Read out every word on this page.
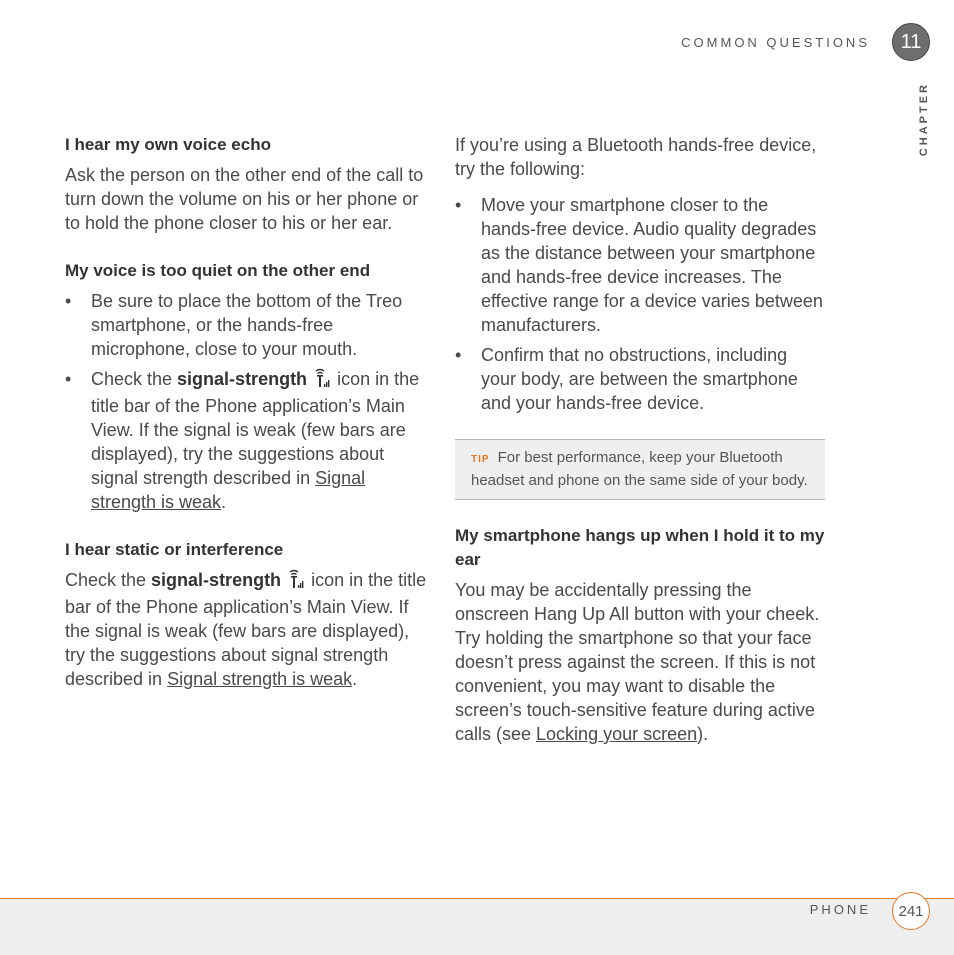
COMMON QUESTIONS	11
CHAPTER
I hear my own voice echo

Ask the person on the other end of the call to turn down the volume on his or her phone or to hold the phone closer to his or her ear.

My voice is too quiet on the other end
• Be sure to place the bottom of the Treo smartphone, or the hands-free microphone, close to your mouth.
• Check the signal-strength  icon in the title bar of the Phone application’s Main View. If the signal is weak (few bars are displayed), try the suggestions about signal strength described in Signal strength is weak.
I hear static or interference

Check the signal-strength  icon in the title bar of the Phone application’s Main View. If the signal is weak (few bars are displayed), try the suggestions about signal strength described in Signal strength is weak.

If you’re using a Bluetooth hands-free device, try the following:

• Move your smartphone closer to the hands-free device. Audio quality degrades as the distance between your smartphone and hands-free device increases. The effective range for a device varies between manufacturers.
• Confirm that no obstructions, including your body, are between the smartphone and your hands-free device.
TIP For best performance, keep your Bluetooth headset and phone on the same side of your body.
My smartphone hangs up when I hold it to my ear

You may be accidentally pressing the onscreen Hang Up All button with your cheek. Try holding the smartphone so that your face doesn’t press against the screen. If this is not convenient, you may want to disable the screen’s touch-sensitive feature during active calls (see Locking your screen).

PHONE	241
